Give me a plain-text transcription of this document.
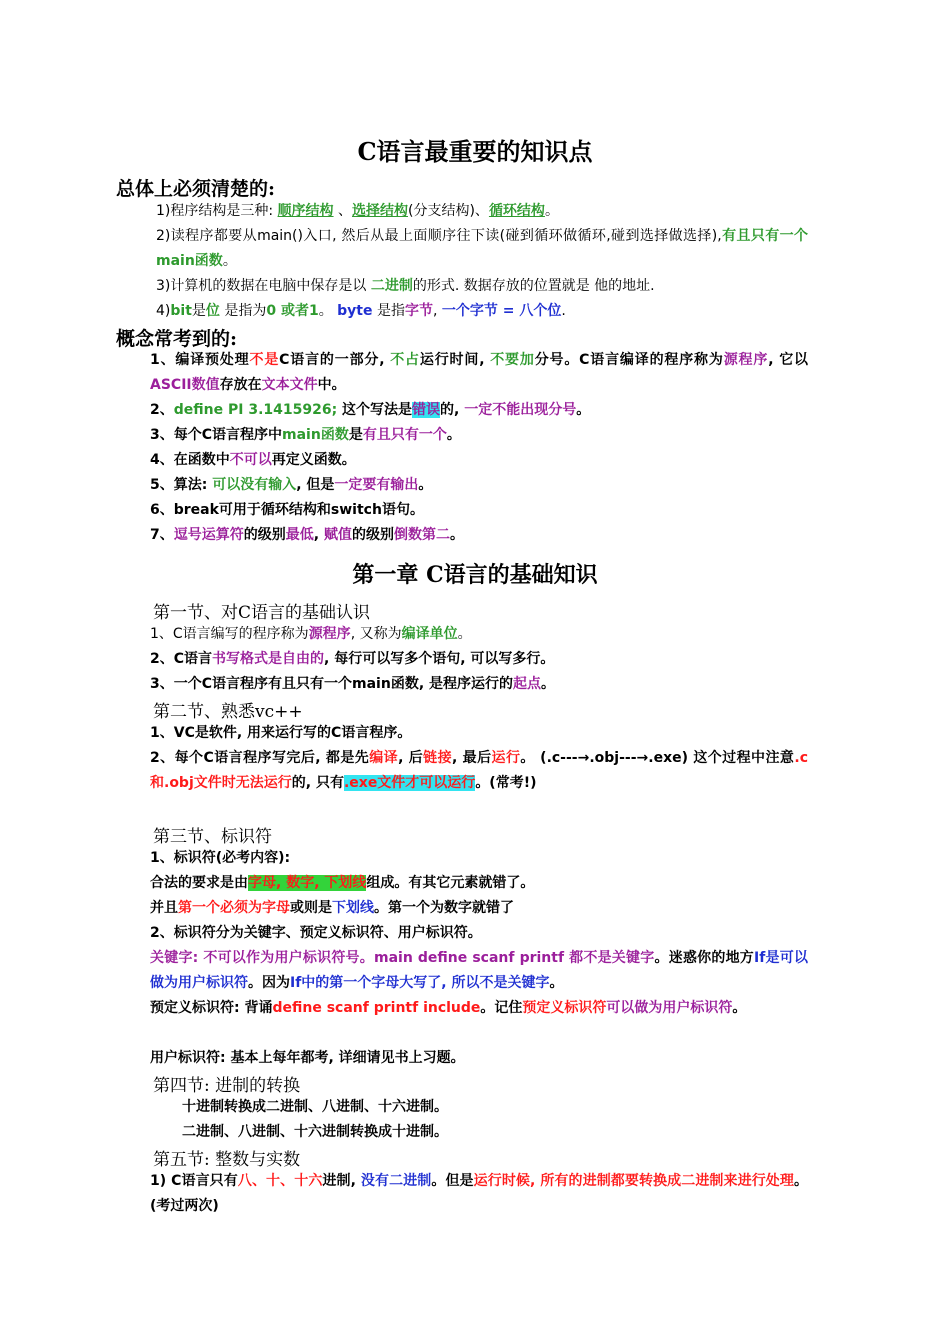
C语言最重要的知识点
总体上必须清楚的:
1)程序结构是三种: 顺序结构 、选择结构(分支结构)、循环结构。
2)读程序都要从main()入口, 然后从最上面顺序往下读(碰到循环做循环,碰到选择做选择),有且只有一个main函数。
3)计算机的数据在电脑中保存是以 二进制的形式. 数据存放的位置就是 他的地址.
4)bit是位 是指为0 或者1。 byte 是指字节, 一个字节 = 八个位.
概念常考到的:
1、编译预处理不是C语言的一部分, 不占运行时间, 不要加分号。C语言编译的程序称为源程序, 它以ASCII数值存放在文本文件中。
2、define PI 3.1415926; 这个写法是错误的, 一定不能出现分号。
3、每个C语言程序中main函数是有且只有一个。
4、在函数中不可以再定义函数。
5、算法: 可以没有输入, 但是一定要有输出。
6、break可用于循环结构和switch语句。
7、逗号运算符的级别最低, 赋值的级别倒数第二。
第一章 C语言的基础知识
第一节、对C语言的基础认识
1、C语言编写的程序称为源程序, 又称为编译单位。
2、C语言书写格式是自由的, 每行可以写多个语句, 可以写多行。
3、一个C语言程序有且只有一个main函数, 是程序运行的起点。
第二节、熟悉vc++
1、VC是软件, 用来运行写的C语言程序。
2、每个C语言程序写完后, 都是先编译, 后链接, 最后运行。 (.c---→.obj---→.exe) 这个过程中注意.c和.obj文件时无法运行的, 只有.exe文件才可以运行。(常考!)
第三节、标识符
1、标识符(必考内容):
合法的要求是由字母, 数字, 下划线组成。有其它元素就错了。
并且第一个必须为字母或则是下划线。第一个为数字就错了
2、标识符分为关键字、预定义标识符、用户标识符。
关键字: 不可以作为用户标识符号。main define scanf printf 都不是关键字。迷惑你的地方If是可以做为用户标识符。因为If中的第一个字母大写了, 所以不是关键字。
预定义标识符: 背诵define scanf printf include。记住预定义标识符可以做为用户标识符。
用户标识符: 基本上每年都考, 详细请见书上习题。
第四节: 进制的转换
十进制转换成二进制、八进制、十六进制。
二进制、八进制、十六进制转换成十进制。
第五节: 整数与实数
1) C语言只有八、十、十六进制, 没有二进制。但是运行时候, 所有的进制都要转换成二进制来进行处理。(考过两次)
